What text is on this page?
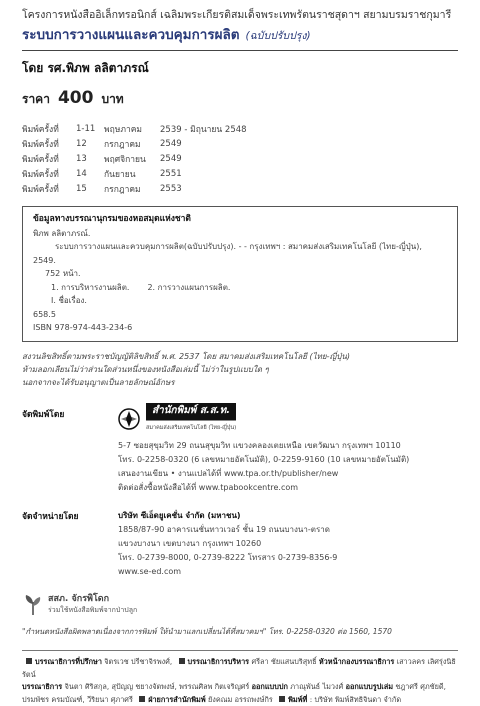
โครงการหนังสืออิเล็กทรอนิกส์ เฉลิมพระเกียรติสมเด็จพระเทพรัตนราชสุดาฯ สยามบรมราชกุมารี
ระบบการวางแผนและควบคุมการผลิต (ฉบับปรับปรุง)
โดย รศ.พิภพ ลลิตาภรณ์
ราคา 400 บาท
พิมพ์ครั้งที่	1-11	พฤษภาคม	2539 - มิถุนายน 2548
พิมพ์ครั้งที่	12	กรกฎาคม	2549
พิมพ์ครั้งที่	13	พฤศจิกายน	2549
พิมพ์ครั้งที่	14	กันยายน	2551
พิมพ์ครั้งที่	15	กรกฎาคม	2553
ข้อมูลทางบรรณานุกรมของหอสมุดแห่งชาติ
พิภพ ลลิตาภรณ์.
ระบบการวางแผนและควบคุมการผลิต(ฉบับปรับปรุง). - - กรุงเทพฯ : สมาคมส่งเสริมเทคโนโลยี (ไทย-ญี่ปุ่น),
2549.
752 หน้า.
1. การบริหารงานผลิต. 2. การวางแผนการผลิต.
I. ชื่อเรื่อง.
658.5
ISBN 978-974-443-234-6
สงวนลิขสิทธิ์ตามพระราชบัญญัติลิขสิทธิ์ พ.ศ. 2537 โดย สมาคมส่งเสริมเทคโนโลยี (ไทย-ญี่ปุ่น)
ห้ามลอกเลียนไม่ว่าส่วนใดส่วนหนึ่งของหนังสือเล่มนี้ ไม่ว่าในรูปแบบใด ๆ
นอกจากจะได้รับอนุญาตเป็นลายลักษณ์อักษร
จัดพิมพ์โดย	สำนักพิมพ์ ส.ส.ท.
สมาคมส่งเสริมเทคโนโลยี (ไทย-ญี่ปุ่น)
5-7 ซอยสุขุมวิท 29 ถนนสุขุมวิท แขวงคลองเตยเหนือ เขตวัฒนา กรุงเทพฯ 10110
โทร. 0-2258-0320 (6 เลขหมายอัตโนมัติ), 0-2259-9160 (10 เลขหมายอัตโนมัติ)
เสนองานเขียน • งานแปลได้ที่ www.tpa.or.th/publisher/new
ติดต่อสั่งซื้อหนังสือได้ที่ www.tpabookcentre.com
จัดจำหน่ายโดย	บริษัท ซีเอ็ดยูเคชั่น จำกัด (มหาชน)
1858/87-90 อาคารเนชั่นทาวเวอร์ ชั้น 19 ถนนบางนา-ตราด
แขวงบางนา เขตบางนา กรุงเทพฯ 10260
โทร. 0-2739-8000, 0-2739-8222 โทรสาร 0-2739-8356-9
www.se-ed.com
สสภ. จักรพิโดก
ร่วมใช้หนังสือพิมพ์จากป่าปลูก
"กำหนดหนังสือผิดพลาดเนื่องจากการพิมพ์ ให้นำมาแลกเปลี่ยนได้ที่สมาคมฯ" โทร. 0-2258-0320 ต่อ 1560, 1570
บรรณาธิการที่ปรึกษา จิตรเวช ปรีชาจิรพงศ์, บรรณาธิการบริหาร ศรีลา ชัยแสนบริสุทธิ์ หัวหน้ากองบรรณาธิการ เสาวลคร เลิศรุ่งนิธิรัตน์
บรรณาธิการ จินตา ศิริสกุล, สุปัญญ ชยางจัตพงษ์, พรรณศิลพ กิตเจริญศร์ ออกแบบปก ภาณุพันธ์ ไมวงศ์ ออกแบบรูปเล่ม ชฎาศรี ศุภชัยดี,
ปรมพัชร ครมบัณฑ์, วีริยนา ศุภาศรี ฝ่ายการสำนักพิมพ์ ยังคณม อรรถพงษ์กิร พิมพ์ที่ : บริษัท พิมพ์สิทธิจินดา จำกัด
